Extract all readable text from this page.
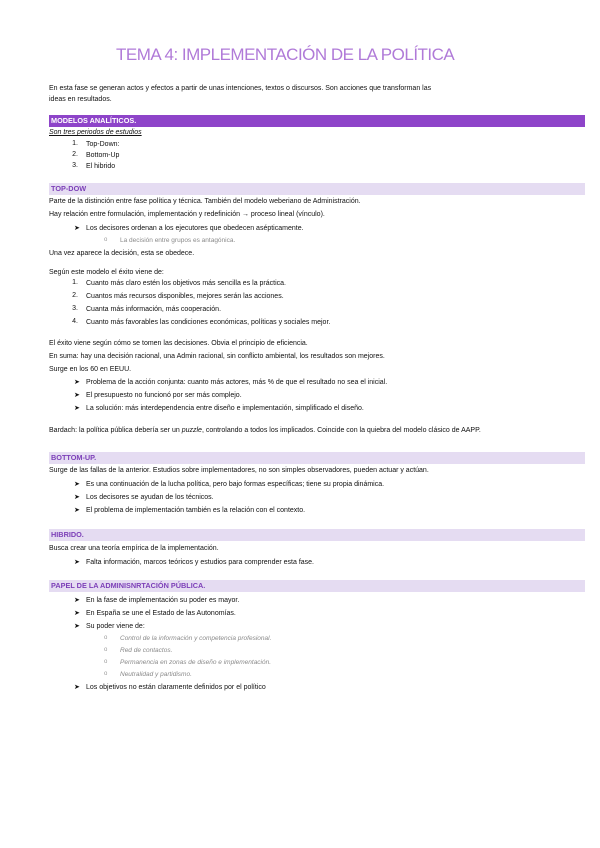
TEMA 4: IMPLEMENTACIÓN DE LA POLÍTICA
En esta fase se generan actos y efectos a partir de unas intenciones, textos o discursos. Son acciones que transforman las
ideas en resultados.
MODELOS ANALÍTICOS.
Son tres periodos de estudios
1. Top-Down:
2. Bottom-Up
3. El hibrido
TOP-DOW
Parte de la distinción entre fase política y técnica. También del modelo weberiano de Administración.
Hay relación entre formulación, implementación y redefinición → proceso lineal (vínculo).
➤ Los decisores ordenan a los ejecutores que obedecen asépticamente.
o La decisión entre grupos es antagónica.
Una vez aparece la decisión, esta se obedece.
Según este modelo el éxito viene de:
1. Cuanto más claro estén los objetivos más sencilla es la práctica.
2. Cuantos más recursos disponibles, mejores serán las acciones.
3. Cuanta más información, más cooperación.
4. Cuanto más favorables las condiciones económicas, políticas y sociales mejor.
El éxito viene según cómo se tomen las decisiones. Obvia el principio de eficiencia.
En suma: hay una decisión racional, una Admin racional, sin conflicto ambiental, los resultados son mejores.
Surge en los 60 en EEUU.
➤ Problema de la acción conjunta: cuanto más actores, más % de que el resultado no sea el inicial.
➤ El presupuesto no funcionó por ser más complejo.
➤ La solución: más interdependencia entre diseño e implementación, simplificado el diseño.
Bardach: la política pública debería ser un puzzle, controlando a todos los implicados. Coincide con la quiebra del modelo clásico de AAPP.
BOTTOM-UP.
Surge de las fallas de la anterior. Estudios sobre implementadores, no son simples observadores, pueden actuar y actúan.
➤ Es una continuación de la lucha política, pero bajo formas específicas; tiene su propia dinámica.
➤ Los decisores se ayudan de los técnicos.
➤ El problema de implementación también es la relación con el contexto.
HIBRIDO.
Busca crear una teoría empírica de la implementación.
➤ Falta información, marcos teóricos y estudios para comprender esta fase.
PAPEL DE LA ADMINISNRTACIÓN PÚBLICA.
➤ En la fase de implementación su poder es mayor.
➤ En España se une el Estado de las Autonomías.
➤ Su poder viene de:
o Control de la información y competencia profesional.
o Red de contactos.
o Permanencia en zonas de diseño e implementación.
o Neutralidad y partidismo.
➤ Los objetivos no están claramente definidos por el político
